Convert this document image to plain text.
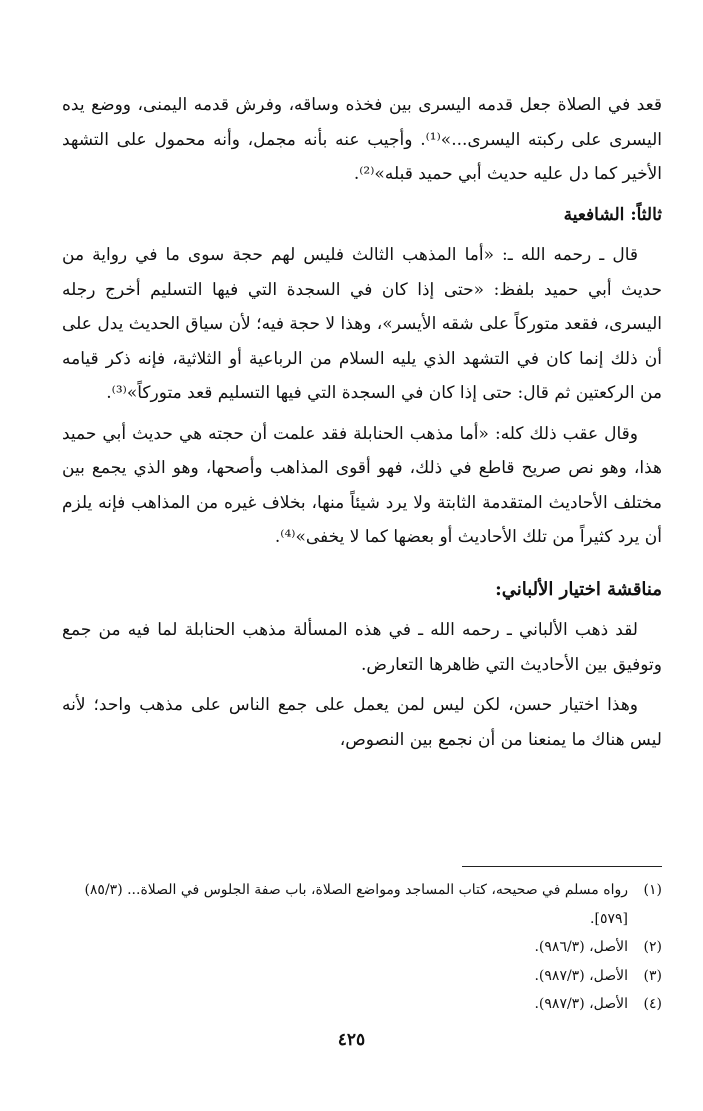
قعد في الصلاة جعل قدمه اليسرى بين فخذه وساقه، وفرش قدمه اليمنى، ووضع يده اليسرى على ركبته اليسرى...»⁽¹⁾. وأجيب عنه بأنه مجمل، وأنه محمول على التشهد الأخير كما دل عليه حديث أبي حميد قبله»⁽²⁾.

ثالثاً: الشافعية

قال ـ رحمه الله ـ: «أما المذهب الثالث فليس لهم حجة سوى ما في رواية من حديث أبي حميد بلفظ: «حتى إذا كان في السجدة التي فيها التسليم أخرج رجله اليسرى، فقعد متوركاً على شقه الأيسر»، وهذا لا حجة فيه؛ لأن سياق الحديث يدل على أن ذلك إنما كان في التشهد الذي يليه السلام من الرباعية أو الثلاثية، فإنه ذكر قيامه من الركعتين ثم قال: حتى إذا كان في السجدة التي فيها التسليم قعد متوركاً»⁽³⁾.

وقال عقب ذلك كله: «أما مذهب الحنابلة فقد علمت أن حجته هي حديث أبي حميد هذا، وهو نص صريح قاطع في ذلك، فهو أقوى المذاهب وأصحها، وهو الذي يجمع بين مختلف الأحاديث المتقدمة الثابتة ولا يرد شيئاً منها، بخلاف غيره من المذاهب فإنه يلزم أن يرد كثيراً من تلك الأحاديث أو بعضها كما لا يخفى»⁽⁴⁾.

مناقشة اختيار الألباني:

لقد ذهب الألباني ـ رحمه الله ـ في هذه المسألة مذهب الحنابلة لما فيه من جمع وتوفيق بين الأحاديث التي ظاهرها التعارض.

وهذا اختيار حسن، لكن ليس لمن يعمل على جمع الناس على مذهب واحد؛ لأنه ليس هناك ما يمنعنا من أن نجمع بين النصوص،

(١)
رواه مسلم في صحيحه، كتاب المساجد ومواضع الصلاة، باب صفة الجلوس في الصلاة... (٨٥/٣) [٥٧٩].
(٢)
الأصل، (٩٨٦/٣).
(٣)
الأصل، (٩٨٧/٣).
(٤)
الأصل، (٩٨٧/٣).
٤٢٥
